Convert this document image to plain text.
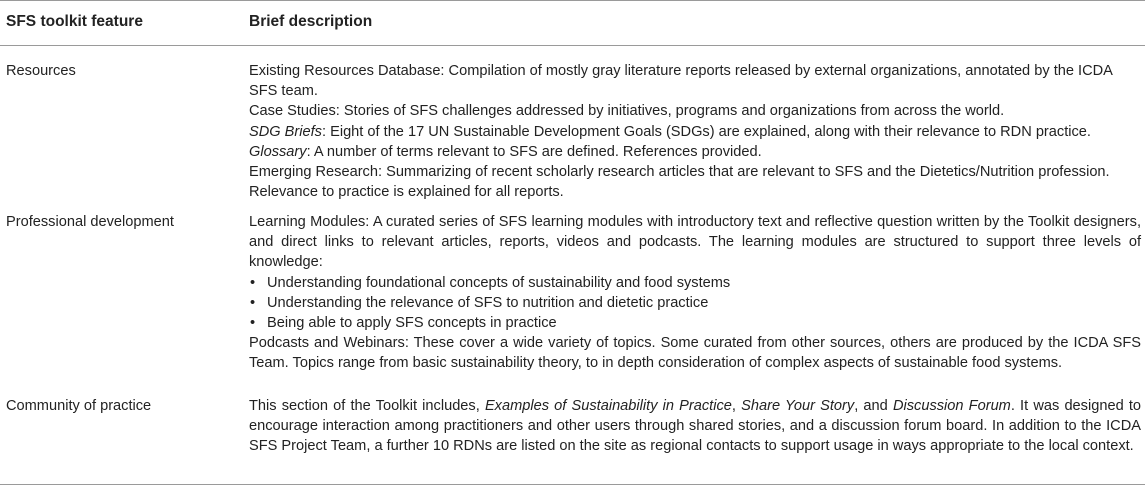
SFS toolkit feature	Brief description
Resources	Existing Resources Database: Compilation of mostly gray literature reports released by external organizations, annotated by the ICDA SFS team.

Case Studies: Stories of SFS challenges addressed by initiatives, programs and organizations from across the world.

SDG Briefs: Eight of the 17 UN Sustainable Development Goals (SDGs) are explained, along with their relevance to RDN practice.

Glossary: A number of terms relevant to SFS are defined. References provided.

Emerging Research: Summarizing of recent scholarly research articles that are relevant to SFS and the Dietetics/Nutrition profession. Relevance to practice is explained for all reports.

Professional development	Learning Modules: A curated series of SFS learning modules with introductory text and reflective question written by the Toolkit designers, and direct links to relevant articles, reports, videos and podcasts. The learning modules are structured to support three levels of knowledge:

• Understanding foundational concepts of sustainability and food systems
• Understanding the relevance of SFS to nutrition and dietetic practice
• Being able to apply SFS concepts in practice

Podcasts and Webinars: These cover a wide variety of topics. Some curated from other sources, others are produced by the ICDA SFS Team. Topics range from basic sustainability theory, to in depth consideration of complex aspects of sustainable food systems.

Community of practice	This section of the Toolkit includes, Examples of Sustainability in Practice, Share Your Story, and Discussion Forum. It was designed to encourage interaction among practitioners and other users through shared stories, and a discussion forum board. In addition to the ICDA SFS Project Team, a further 10 RDNs are listed on the site as regional contacts to support usage in ways appropriate to the local context.
